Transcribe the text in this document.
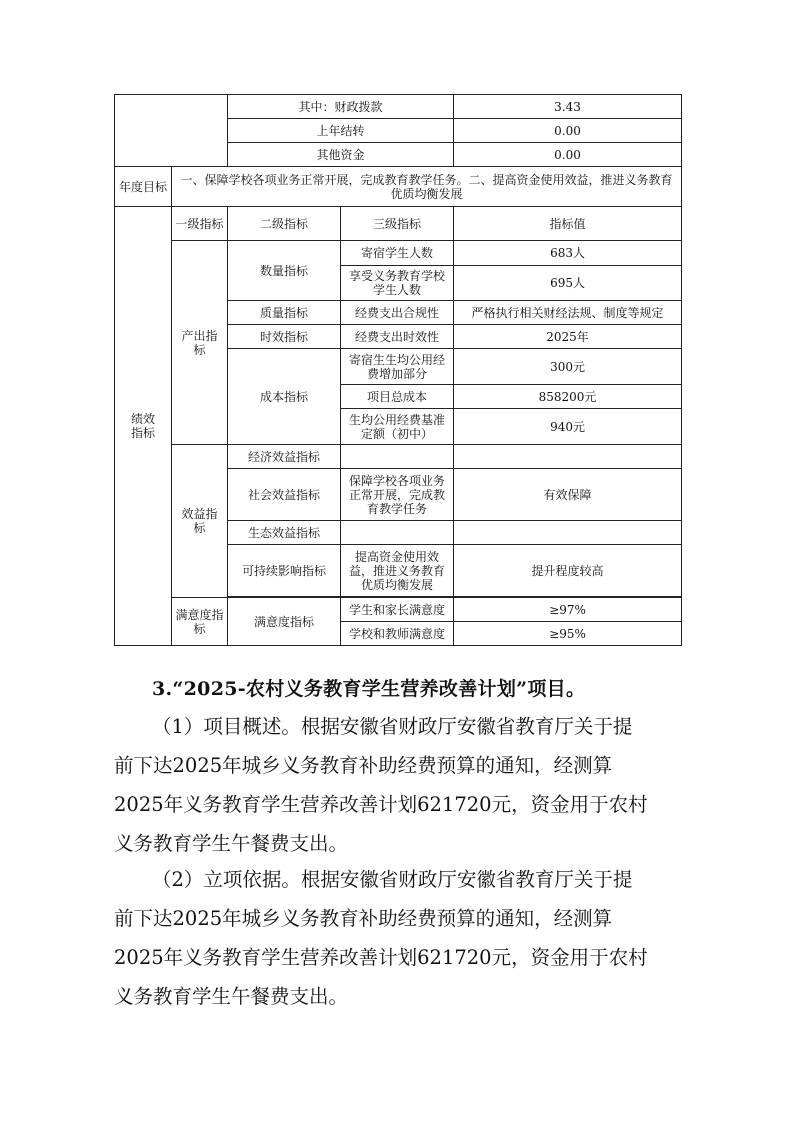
		其中：财政拨款		3.43
		上年结转		0.00
		其他资金		0.00
年度目标	一、保障学校各项业务正常开展，完成教育教学任务。二、提高资金使用效益，推进义务教育优质均衡发展			
绩效指标	一级指标	二级指标	三级指标	指标值
	产出指标	数量指标	寄宿学生人数	683人
			享受义务教育学校学生人数	695人
		质量指标	经费支出合规性	严格执行相关财经法规、制度等规定
		时效指标	经费支出时效性	2025年
		成本指标	寄宿生生均公用经费增加部分	300元
			项目总成本	858200元
			生均公用经费基准定额（初中）	940元
	效益指标	经济效益指标		
		社会效益指标	保障学校各项业务正常开展，完成教育教学任务	有效保障
		生态效益指标		
		可持续影响指标	提高资金使用效益，推进义务教育优质均衡发展	提升程度较高

	满意度指标	满意度指标	学生和家长满意度	≥97%
			学校和教师满意度	≥95%
3.“2025-农村义务教育学生营养改善计划”项目。

（1）项目概述。根据安徽省财政厅安徽省教育厅关于提
前下达2025年城乡义务教育补助经费预算的通知，经测算
2025年义务教育学生营养改善计划621720元，资金用于农村
义务教育学生午餐费支出。

（2）立项依据。根据安徽省财政厅安徽省教育厅关于提
前下达2025年城乡义务教育补助经费预算的通知，经测算
2025年义务教育学生营养改善计划621720元，资金用于农村
义务教育学生午餐费支出。
